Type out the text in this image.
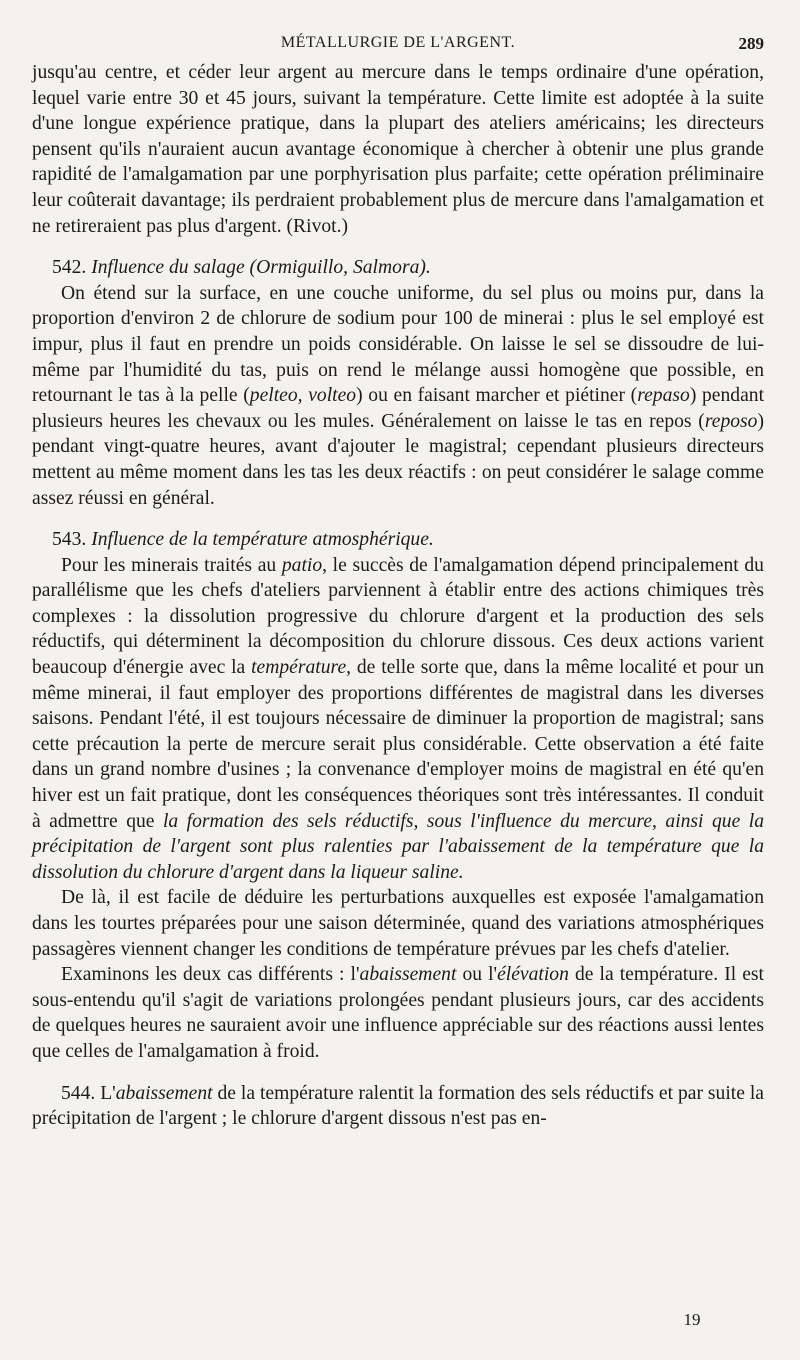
MÉTALLURGIE DE L'ARGENT.	289

jusqu'au centre, et céder leur argent au mercure dans le temps ordinaire d'une opération, lequel varie entre 30 et 45 jours, suivant la température. Cette limite est adoptée à la suite d'une longue expérience pratique, dans la plupart des ateliers américains; les directeurs pensent qu'ils n'auraient aucun avantage économique à chercher à obtenir une plus grande rapidité de l'amalgamation par une porphyrisation plus parfaite; cette opération préliminaire leur coûterait davantage; ils perdraient probablement plus de mercure dans l'amalgamation et ne retireraient pas plus d'argent. (Rivot.)

542. Influence du salage (Ormiguillo, Salmora).

On étend sur la surface, en une couche uniforme, du sel plus ou moins pur, dans la proportion d'environ 2 de chlorure de sodium pour 100 de minerai : plus le sel employé est impur, plus il faut en prendre un poids considérable. On laisse le sel se dissoudre de lui-même par l'humidité du tas, puis on rend le mélange aussi homogène que possible, en retournant le tas à la pelle (pelteo, volteo) ou en faisant marcher et piétiner (repaso) pendant plusieurs heures les chevaux ou les mules. Généralement on laisse le tas en repos (reposo) pendant vingt-quatre heures, avant d'ajouter le magistral; cependant plusieurs directeurs mettent au même moment dans les tas les deux réactifs : on peut considérer le salage comme assez réussi en général.

543. Influence de la température atmosphérique.

Pour les minerais traités au patio, le succès de l'amalgamation dépend principalement du parallélisme que les chefs d'ateliers parviennent à établir entre des actions chimiques très complexes : la dissolution progressive du chlorure d'argent et la production des sels réductifs, qui déterminent la décomposition du chlorure dissous. Ces deux actions varient beaucoup d'énergie avec la température, de telle sorte que, dans la même localité et pour un même minerai, il faut employer des proportions différentes de magistral dans les diverses saisons. Pendant l'été, il est toujours nécessaire de diminuer la proportion de magistral; sans cette précaution la perte de mercure serait plus considérable. Cette observation a été faite dans un grand nombre d'usines ; la convenance d'employer moins de magistral en été qu'en hiver est un fait pratique, dont les conséquences théoriques sont très intéressantes. Il conduit à admettre que la formation des sels réductifs, sous l'influence du mercure, ainsi que la précipitation de l'argent sont plus ralenties par l'abaissement de la température que la dissolution du chlorure d'argent dans la liqueur saline.

De là, il est facile de déduire les perturbations auxquelles est exposée l'amalgamation dans les tourtes préparées pour une saison déterminée, quand des variations atmosphériques passagères viennent changer les conditions de température prévues par les chefs d'atelier.

Examinons les deux cas différents : l'abaissement ou l'élévation de la température. Il est sous-entendu qu'il s'agit de variations prolongées pendant plusieurs jours, car des accidents de quelques heures ne sauraient avoir une influence appréciable sur des réactions aussi lentes que celles de l'amalgamation à froid.

544. L'abaissement de la température ralentit la formation des sels réductifs et par suite la précipitation de l'argent ; le chlorure d'argent dissous n'est pas en-

19
